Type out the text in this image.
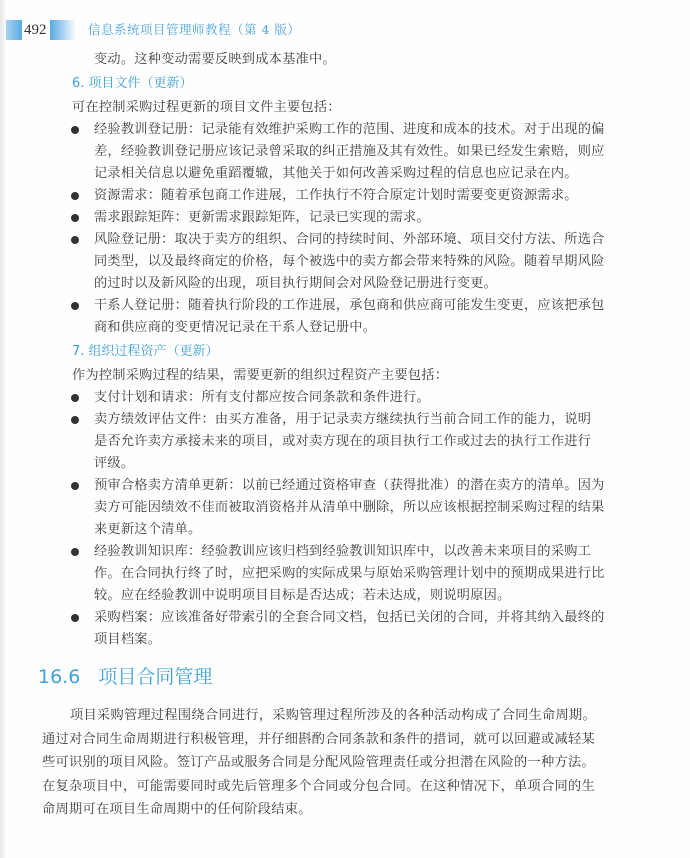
492	信息系统项目管理师教程（第 4 版）
变动。这种变动需要反映到成本基准中。
6. 项目文件（更新）
可在控制采购过程更新的项目文件主要包括：
经验教训登记册：记录能有效维护采购工作的范围、进度和成本的技术。对于出现的偏
差，经验教训登记册应该记录曾采取的纠正措施及其有效性。如果已经发生索赔，则应
记录相关信息以避免重蹈覆辙，其他关于如何改善采购过程的信息也应记录在内。
资源需求：随着承包商工作进展，工作执行不符合原定计划时需要变更资源需求。
需求跟踪矩阵：更新需求跟踪矩阵，记录已实现的需求。
风险登记册：取决于卖方的组织、合同的持续时间、外部环境、项目交付方法、所选合
同类型，以及最终商定的价格，每个被选中的卖方都会带来特殊的风险。随着早期风险
的过时以及新风险的出现，项目执行期间会对风险登记册进行变更。
干系人登记册：随着执行阶段的工作进展，承包商和供应商可能发生变更，应该把承包
商和供应商的变更情况记录在干系人登记册中。
7. 组织过程资产（更新）
作为控制采购过程的结果，需要更新的组织过程资产主要包括：
支付计划和请求：所有支付都应按合同条款和条件进行。
卖方绩效评估文件：由买方准备，用于记录卖方继续执行当前合同工作的能力，说明
是否允许卖方承接未来的项目，或对卖方现在的项目执行工作或过去的执行工作进行
评级。
预审合格卖方清单更新：以前已经通过资格审查（获得批准）的潜在卖方的清单。因为
卖方可能因绩效不佳而被取消资格并从清单中删除，所以应该根据控制采购过程的结果
来更新这个清单。
经验教训知识库：经验教训应该归档到经验教训知识库中，以改善未来项目的采购工
作。在合同执行终了时，应把采购的实际成果与原始采购管理计划中的预期成果进行比
较。应在经验教训中说明项目目标是否达成；若未达成，则说明原因。
采购档案：应该准备好带索引的全套合同文档，包括已关闭的合同，并将其纳入最终的
项目档案。
16.6 项目合同管理
项目采购管理过程围绕合同进行，采购管理过程所涉及的各种活动构成了合同生命周期。
通过对合同生命周期进行积极管理，并仔细斟酌合同条款和条件的措词，就可以回避或减轻某
些可识别的项目风险。签订产品或服务合同是分配风险管理责任或分担潜在风险的一种方法。
在复杂项目中，可能需要同时或先后管理多个合同或分包合同。在这种情况下，单项合同的生
命周期可在项目生命周期中的任何阶段结束。
